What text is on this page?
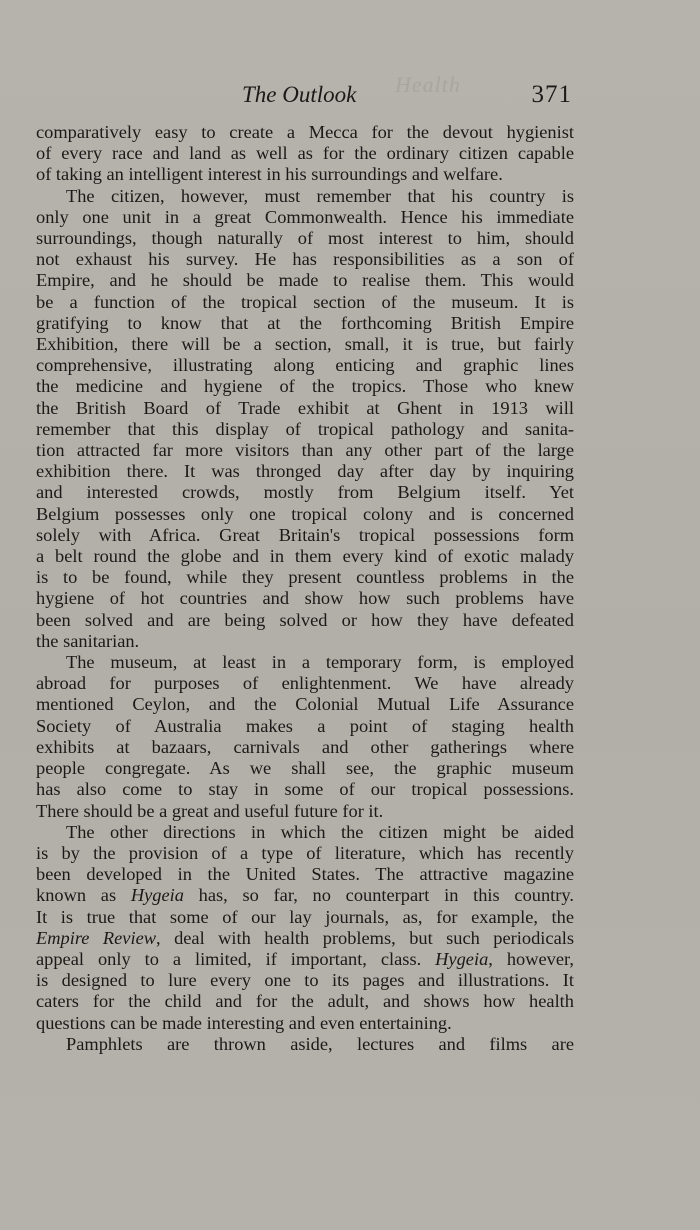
Health
The Outlook	371
comparatively easy to create a Mecca for the devout hygienist
of every race and land as well as for the ordinary citizen capable
of taking an intelligent interest in his surroundings and welfare.
The citizen, however, must remember that his country is
only one unit in a great Commonwealth. Hence his immediate
surroundings, though naturally of most interest to him, should
not exhaust his survey. He has responsibilities as a son of
Empire, and he should be made to realise them. This would
be a function of the tropical section of the museum. It is
gratifying to know that at the forthcoming British Empire
Exhibition, there will be a section, small, it is true, but fairly
comprehensive, illustrating along enticing and graphic lines
the medicine and hygiene of the tropics. Those who knew
the British Board of Trade exhibit at Ghent in 1913 will
remember that this display of tropical pathology and sanita-
tion attracted far more visitors than any other part of the large
exhibition there. It was thronged day after day by inquiring
and interested crowds, mostly from Belgium itself. Yet
Belgium possesses only one tropical colony and is concerned
solely with Africa. Great Britain's tropical possessions form
a belt round the globe and in them every kind of exotic malady
is to be found, while they present countless problems in the
hygiene of hot countries and show how such problems have
been solved and are being solved or how they have defeated
the sanitarian.
The museum, at least in a temporary form, is employed
abroad for purposes of enlightenment. We have already
mentioned Ceylon, and the Colonial Mutual Life Assurance
Society of Australia makes a point of staging health
exhibits at bazaars, carnivals and other gatherings where
people congregate. As we shall see, the graphic museum
has also come to stay in some of our tropical possessions.
There should be a great and useful future for it.
The other directions in which the citizen might be aided
is by the provision of a type of literature, which has recently
been developed in the United States. The attractive magazine
known as Hygeia has, so far, no counterpart in this country.
It is true that some of our lay journals, as, for example, the
Empire Review, deal with health problems, but such periodicals
appeal only to a limited, if important, class. Hygeia, however,
is designed to lure every one to its pages and illustrations. It
caters for the child and for the adult, and shows how health
questions can be made interesting and even entertaining.
Pamphlets are thrown aside, lectures and films are
